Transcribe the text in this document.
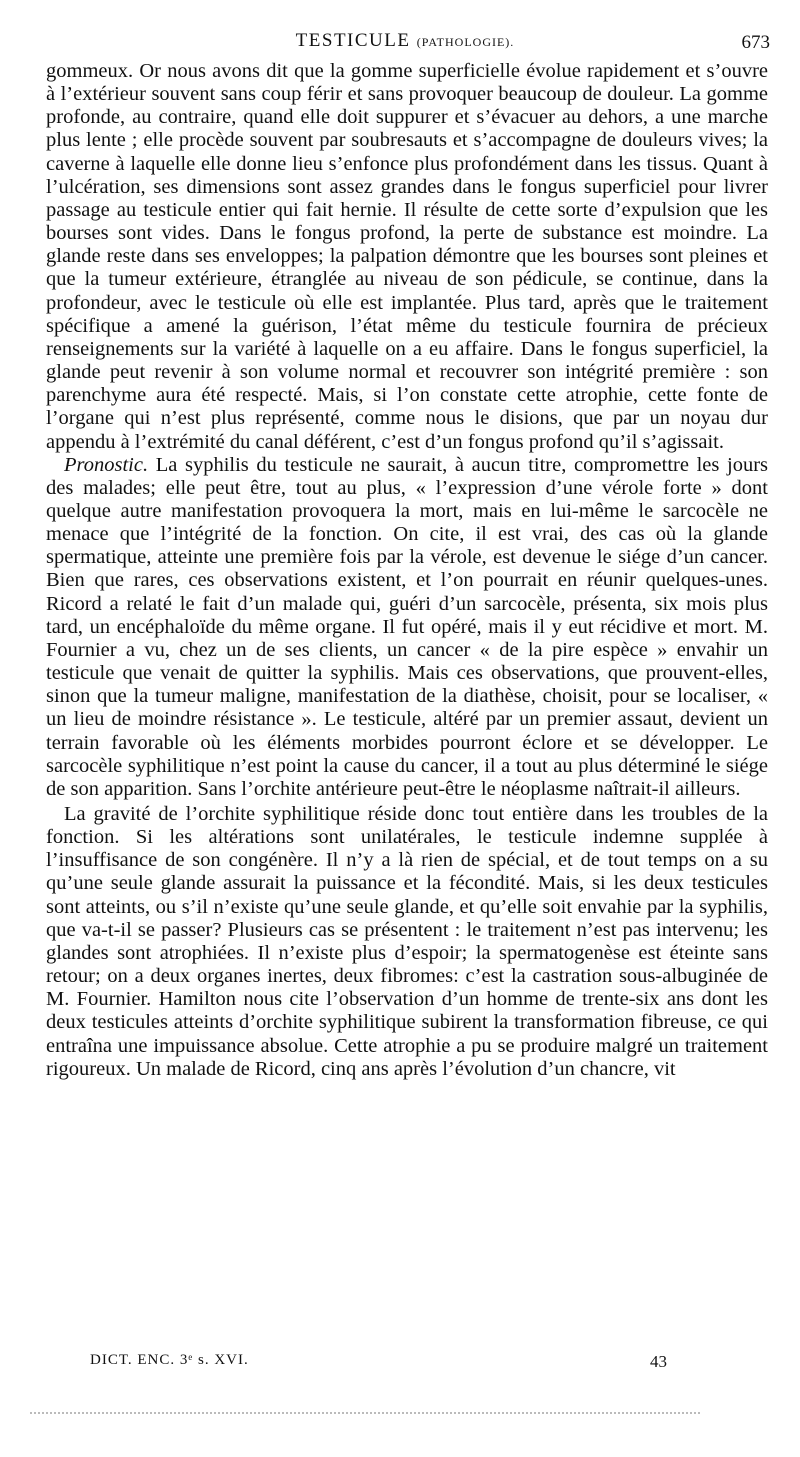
TESTICULE (PATHOLOGIE).	673

gommeux. Or nous avons dit que la gomme superficielle évolue rapidement et s’ouvre à l’extérieur souvent sans coup férir et sans provoquer beaucoup de douleur. La gomme profonde, au contraire, quand elle doit suppurer et s’évacuer au dehors, a une marche plus lente ; elle procède souvent par soubresauts et s’accompagne de douleurs vives; la caverne à laquelle elle donne lieu s’enfonce plus profondément dans les tissus. Quant à l’ulcération, ses dimensions sont assez grandes dans le fongus superficiel pour livrer passage au testicule entier qui fait hernie. Il résulte de cette sorte d’expulsion que les bourses sont vides. Dans le fongus profond, la perte de substance est moindre. La glande reste dans ses enveloppes; la palpation démontre que les bourses sont pleines et que la tumeur extérieure, étranglée au niveau de son pédicule, se continue, dans la profondeur, avec le testicule où elle est implantée. Plus tard, après que le traitement spécifique a amené la guérison, l’état même du testicule fournira de précieux renseignements sur la variété à laquelle on a eu affaire. Dans le fongus superficiel, la glande peut revenir à son volume normal et recouvrer son intégrité première : son parenchyme aura été respecté. Mais, si l’on constate cette atrophie, cette fonte de l’organe qui n’est plus représenté, comme nous le disions, que par un noyau dur appendu à l’extrémité du canal déférent, c’est d’un fongus profond qu’il s’agissait.

Pronostic. La syphilis du testicule ne saurait, à aucun titre, compromettre les jours des malades; elle peut être, tout au plus, « l’expression d’une vérole forte » dont quelque autre manifestation provoquera la mort, mais en lui-même le sarcocèle ne menace que l’intégrité de la fonction. On cite, il est vrai, des cas où la glande spermatique, atteinte une première fois par la vérole, est devenue le siége d’un cancer. Bien que rares, ces observations existent, et l’on pourrait en réunir quelques-unes. Ricord a relaté le fait d’un malade qui, guéri d’un sarcocèle, présenta, six mois plus tard, un encéphaloïde du même organe. Il fut opéré, mais il y eut récidive et mort. M. Fournier a vu, chez un de ses clients, un cancer « de la pire espèce » envahir un testicule que venait de quitter la syphilis. Mais ces observations, que prouvent-elles, sinon que la tumeur maligne, manifestation de la diathèse, choisit, pour se localiser, « un lieu de moindre résistance ». Le testicule, altéré par un premier assaut, devient un terrain favorable où les éléments morbides pourront éclore et se développer. Le sarcocèle syphilitique n’est point la cause du cancer, il a tout au plus déterminé le siége de son apparition. Sans l’orchite antérieure peut-être le néoplasme naîtrait-il ailleurs.

La gravité de l’orchite syphilitique réside donc tout entière dans les troubles de la fonction. Si les altérations sont unilatérales, le testicule indemne supplée à l’insuffisance de son congénère. Il n’y a là rien de spécial, et de tout temps on a su qu’une seule glande assurait la puissance et la fécondité. Mais, si les deux testicules sont atteints, ou s’il n’existe qu’une seule glande, et qu’elle soit envahie par la syphilis, que va-t-il se passer? Plusieurs cas se présentent : le traitement n’est pas intervenu; les glandes sont atrophiées. Il n’existe plus d’espoir; la spermatogenèse est éteinte sans retour; on a deux organes inertes, deux fibromes: c’est la castration sous-albuginée de M. Fournier. Hamilton nous cite l’observation d’un homme de trente-six ans dont les deux testicules atteints d’orchite syphilitique subirent la transformation fibreuse, ce qui entraîna une impuissance absolue. Cette atrophie a pu se produire malgré un traitement rigoureux. Un malade de Ricord, cinq ans après l’évolution d’un chancre, vit

DICT. ENC. 3ᵉ s. XVI.	43
